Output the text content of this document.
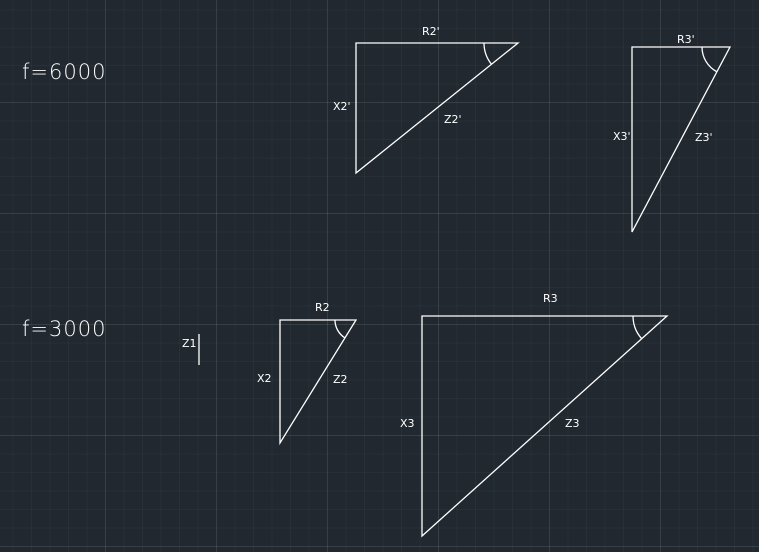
f=6000
f=3000
R2'
X2'
Z2'
R3'
X3'	Z3'
Z1
R2
X2	Z2
R3
X3	Z3
